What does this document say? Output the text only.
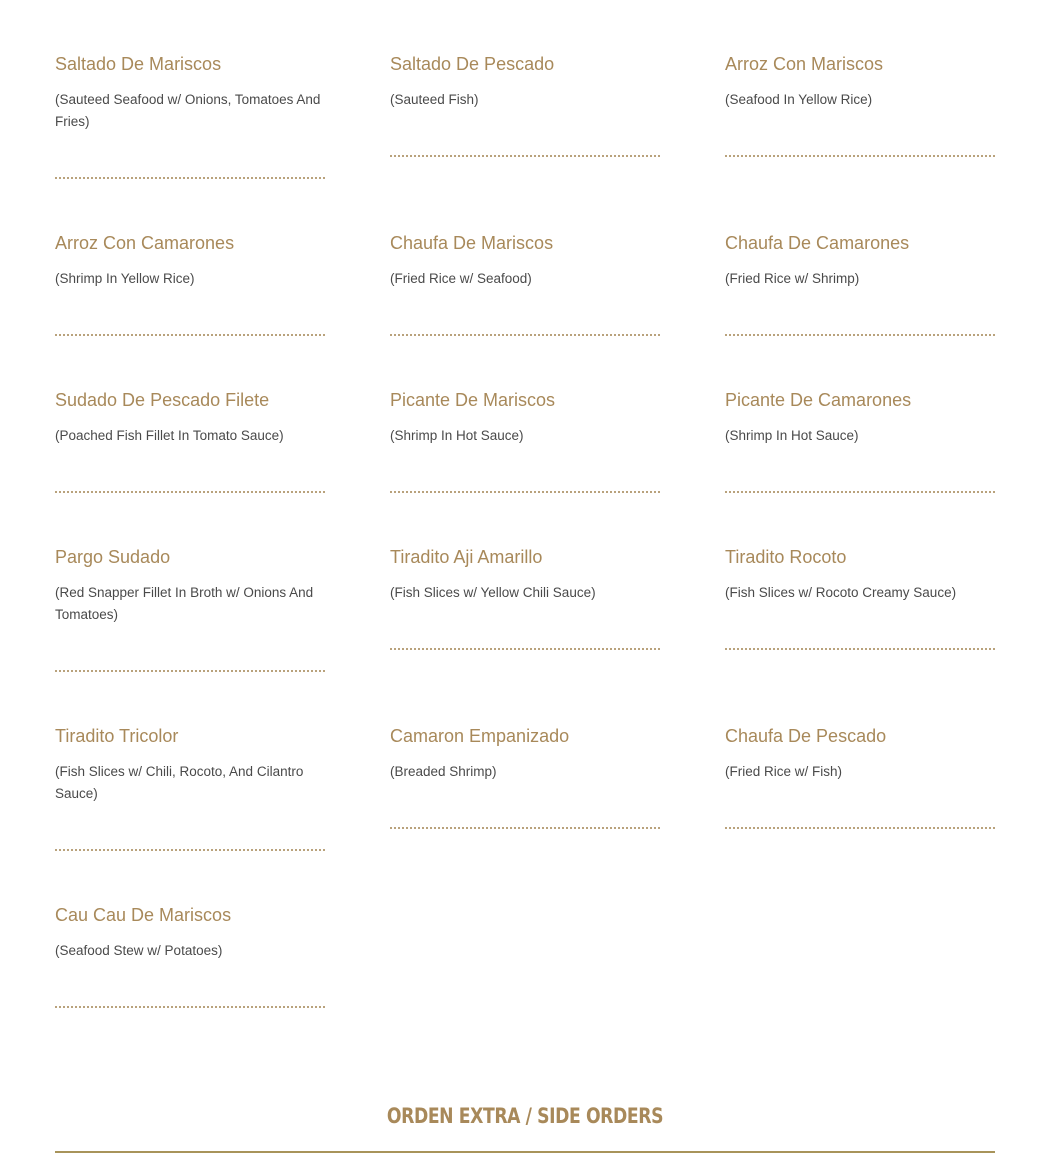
Saltado De Mariscos
(Sauteed Seafood w/ Onions, Tomatoes And Fries)
Saltado De Pescado
(Sauteed Fish)
Arroz Con Mariscos
(Seafood In Yellow Rice)
Arroz Con Camarones
(Shrimp In Yellow Rice)
Chaufa De Mariscos
(Fried Rice w/ Seafood)
Chaufa De Camarones
(Fried Rice w/ Shrimp)
Sudado De Pescado Filete
(Poached Fish Fillet In Tomato Sauce)
Picante De Mariscos
(Shrimp In Hot Sauce)
Picante De Camarones
(Shrimp In Hot Sauce)
Pargo Sudado
(Red Snapper Fillet In Broth w/ Onions And Tomatoes)
Tiradito Aji Amarillo
(Fish Slices w/ Yellow Chili Sauce)
Tiradito Rocoto
(Fish Slices w/ Rocoto Creamy Sauce)
Tiradito Tricolor
(Fish Slices w/ Chili, Rocoto, And Cilantro Sauce)
Camaron Empanizado
(Breaded Shrimp)
Chaufa De Pescado
(Fried Rice w/ Fish)
Cau Cau De Mariscos
(Seafood Stew w/ Potatoes)
ORDEN EXTRA / SIDE ORDERS
